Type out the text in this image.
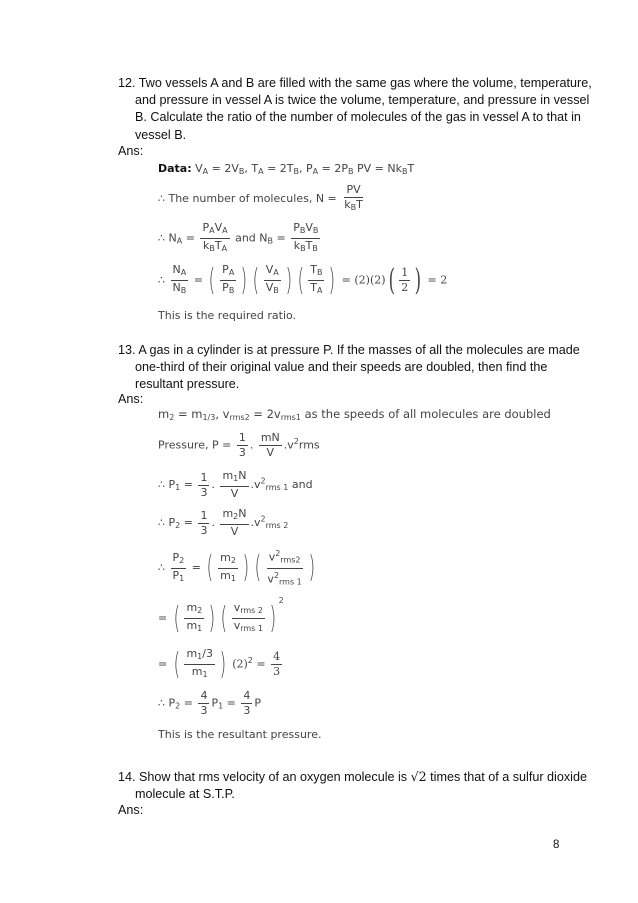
12. Two vessels A and B are filled with the same gas where the volume, temperature,
and pressure in vessel A is twice the volume, temperature, and pressure in vessel
B. Calculate the ratio of the number of molecules of the gas in vessel A to that in
vessel B.
Ans:
Data: $V_A = 2V_B$, $T_A = 2T_B$, $P_A = 2P_B$ PV = $Nk_BT$
∴ The number of molecules, $N = \frac{PV}{k_BT}$
∴ $N_A = \frac{P_AV_A}{k_BT_A}$ and $N_B = \frac{P_BV_B}{k_BT_B}$
∴ $\frac{N_A}{N_B}$ = ( $\frac{P_A}{P_B}$ ) ( $\frac{V_A}{V_B}$ ) ( $\frac{T_B}{T_A}$ ) = (2)(2) ( $\frac{1}{2}$ ) = 2
This is the required ratio.
13. A gas in a cylinder is at pressure P. If the masses of all the molecules are made
one-third of their original value and their speeds are doubled, then find the
resultant pressure.
Ans:
$m_2 = m_{1/3}$, $v_{rms2} = 2v_{rms1}$ as the speeds of all molecules are doubled
Pressure, $P = \frac{1}{3}$ . $\frac{mN}{V} .v^2rms$
∴ $P_1 = \frac{1}{3}$ . $\frac{m_1N}{V} .v^2_{rms 1}$ and
∴ $P_2 = \frac{1}{3}$ . $\frac{m_2N}{V} .v^2_{rms 2}$
∴ $\frac{P_2}{P_1}$ = ( $\frac{m_2}{m_1}$ ) ( $\frac{v^2_{rms2}}{v^2_{rms 1}}$ )
= ( $\frac{m_2}{m_1}$ ) ( $\frac{v_{rms 2}}{v_{rms 1}}$ )
$^2$
= ( $\frac{m_1/3}{m_1}$ ) $(2)^2 = \frac{4}{3}$
∴ $P_2 = \frac{4}{3} P_1 = \frac{4}{3}$ P
This is the resultant pressure.
14. Show that rms velocity of an oxygen molecule is √2 times that of a sulfur dioxide
molecule at S.T.P.
Ans:
8
